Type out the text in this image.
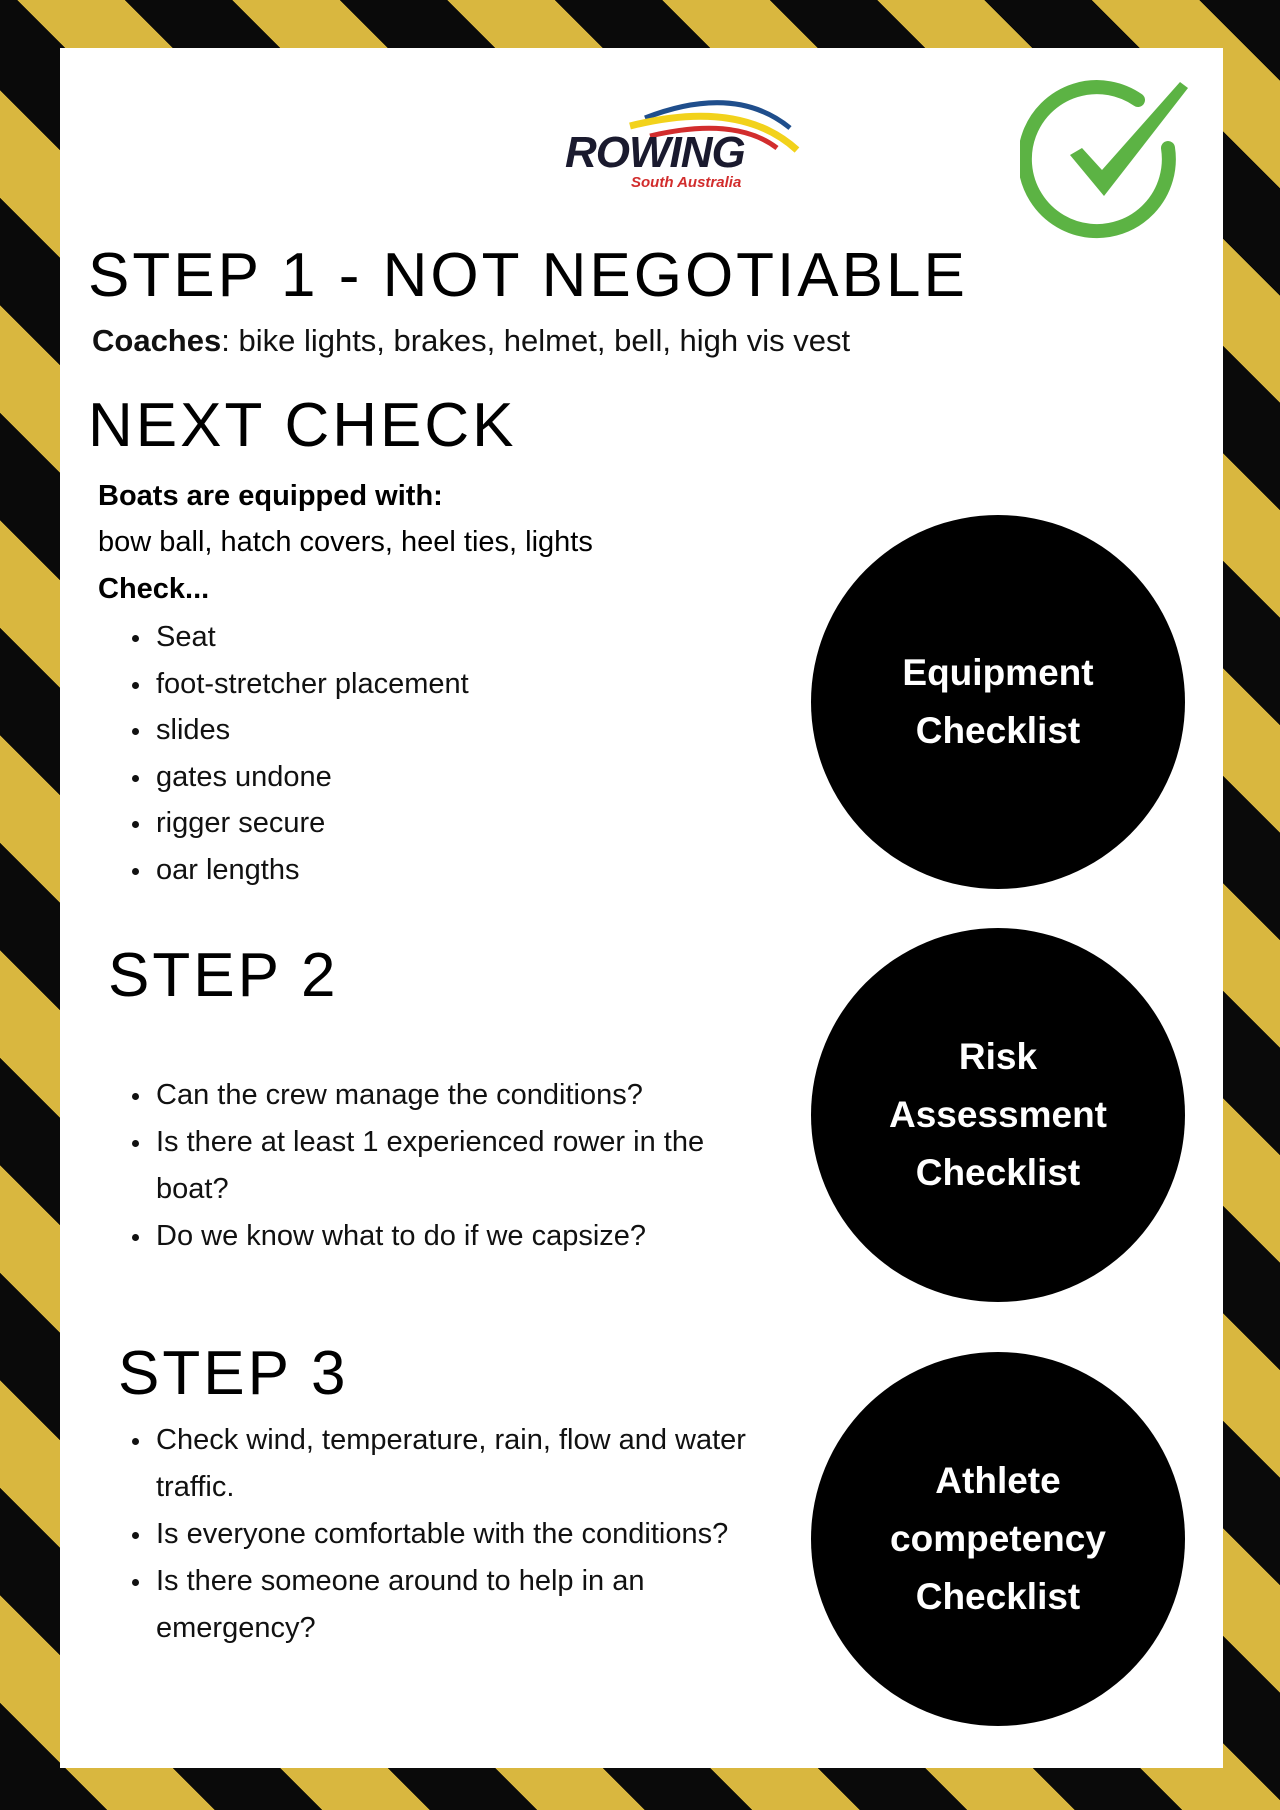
ROWING
South Australia
STEP 1 - NOT NEGOTIABLE
Coaches: bike lights, brakes, helmet, bell, high vis vest
NEXT CHECK
Boats are equipped with:
bow ball, hatch covers, heel ties, lights
Check...
Seat
foot-stretcher placement
slides
gates undone
rigger secure
oar lengths
Equipment
Checklist
STEP 2
Can the crew manage the conditions?
Is there at least 1 experienced rower in the boat?
Do we know what to do if we capsize?
Risk
Assessment
Checklist
STEP 3
Check wind, temperature, rain, flow and water traffic.
Is everyone comfortable with the conditions?
Is there someone around to help in an emergency?
Athlete
competency
Checklist
